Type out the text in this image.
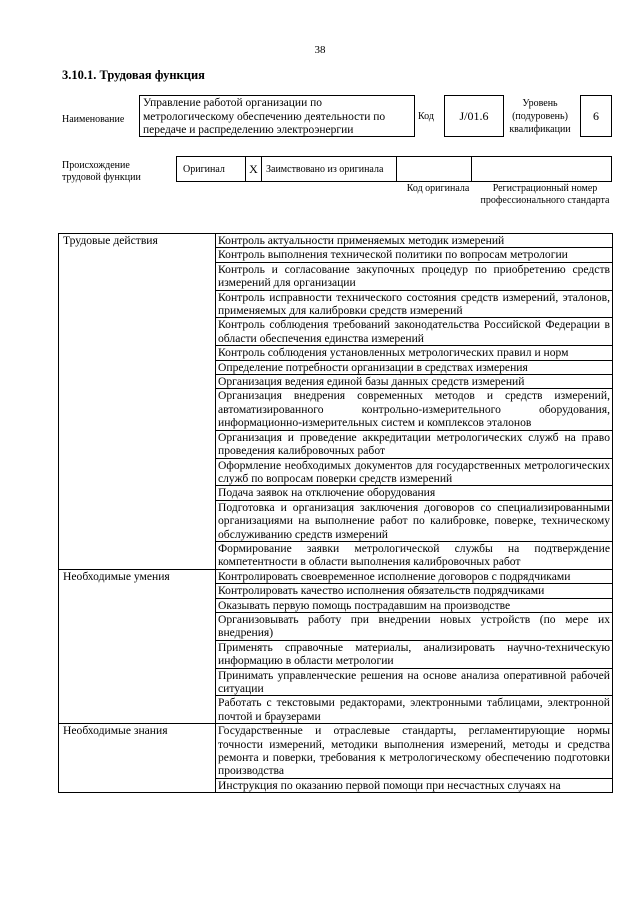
38
3.10.1. Трудовая функция
Наименование
Управление работой организации по метрологическому обеспечению деятельности по передаче и распределению электроэнергии
Код	J/01.6
Уровень (подуровень) квалификации
6
Происхождение трудовой функции
Оригинал	X Заимствовано из оригинала
Код оригинала	Регистрационный номер профессионального стандарта
Трудовые действия	Контроль актуальности применяемых методик измерений
	Контроль выполнения технической политики по вопросам метрологии
	Контроль и согласование закупочных процедур по приобретению средств измерений для организации
	Контроль исправности технического состояния средств измерений, эталонов, применяемых для калибровки средств измерений
	Контроль соблюдения требований законодательства Российской Федерации в области обеспечения единства измерений
	Контроль соблюдения установленных метрологических правил и норм
	Определение потребности организации в средствах измерения
	Организация ведения единой базы данных средств измерений
	Организация внедрения современных методов и средств измерений, автоматизированного контрольно-измерительного оборудования, информационно-измерительных систем и комплексов эталонов
	Организация и проведение аккредитации метрологических служб на право проведения калибровочных работ
	Оформление необходимых документов для государственных метрологических служб по вопросам поверки средств измерений
	Подача заявок на отключение оборудования
	Подготовка и организация заключения договоров со специализированными организациями на выполнение работ по калибровке, поверке, техническому обслуживанию средств измерений
	Формирование заявки метрологической службы на подтверждение компетентности в области выполнения калибровочных работ
Необходимые умения	Контролировать своевременное исполнение договоров с подрядчиками
	Контролировать качество исполнения обязательств подрядчиками
	Оказывать первую помощь пострадавшим на производстве
	Организовывать работу при внедрении новых устройств (по мере их внедрения)
	Применять справочные материалы, анализировать научно-техническую информацию в области метрологии
	Принимать управленческие решения на основе анализа оперативной рабочей ситуации
	Работать с текстовыми редакторами, электронными таблицами, электронной почтой и браузерами
Необходимые знания	Государственные и отраслевые стандарты, регламентирующие нормы точности измерений, методики выполнения измерений, методы и средства ремонта и поверки, требования к метрологическому обеспечению подготовки производства
	Инструкция по оказанию первой помощи при несчастных случаях на
